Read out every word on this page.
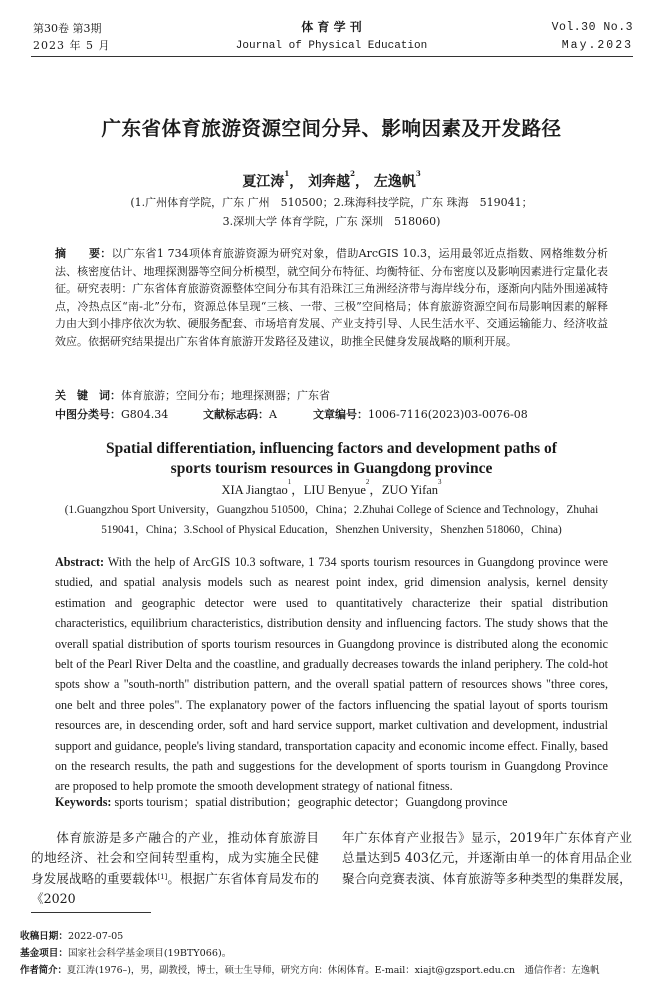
第30卷 第3期
2023 年 5 月
体 育 学 刊
Journal of Physical Education
Vol.30 No.3
May.2023
广东省体育旅游资源空间分异、影响因素及开发路径
夏江涛$^1$， 刘奔越$^2$， 左逸帆$^3$
(1.广州体育学院，广东 广州　510500；2.珠海科技学院，广东 珠海　519041；
3.深圳大学 体育学院，广东 深圳　518060)
摘　　要：以广东省1 734项体育旅游资源为研究对象，借助ArcGIS 10.3，运用最邻近点指数、网格维数分析法、核密度估计、地理探测器等空间分析模型，就空间分布特征、均衡特征、分布密度以及影响因素进行定量化表征。研究表明：广东省体育旅游资源整体空间分布其有沿珠江三角洲经济带与海岸线分布，逐渐向内陆外围递减特点，冷热点区“南-北”分布，资源总体呈现“三核、一带、三极”空间格局；体育旅游资源空间布局影响因素的解释力由大到小排序依次为软、硬服务配套、市场培育发展、产业支持引导、人民生活水平、交通运输能力、经济收益效应。依据研究结果提出广东省体育旅游开发路径及建议，助推全民健身发展战略的顺利开展。
关　键　词：体育旅游；空间分布；地理探测器；广东省
中图分类号：G804.34	文献标志码：A	文章编号：1006-7116(2023)03-0076-08
Spatial differentiation, influencing factors and development paths of
sports tourism resources in Guangdong province
XIA Jiangtao$^1$，LIU Benyue$^2$，ZUO Yifan$^3$
(1.Guangzhou Sport University，Guangzhou 510500，China；2.Zhuhai College of Science and Technology，Zhuhai
519041，China；3.School of Physical Education，Shenzhen University，Shenzhen 518060，China)
Abstract: With the help of ArcGIS 10.3 software, 1 734 sports tourism resources in Guangdong province were studied, and spatial analysis models such as nearest point index, grid dimension analysis, kernel density estimation and geographic detector were used to quantitatively characterize their spatial distribution characteristics, equilibrium characteristics, distribution density and influencing factors. The study shows that the overall spatial distribution of sports tourism resources in Guangdong province is distributed along the economic belt of the Pearl River Delta and the coastline, and gradually decreases towards the inland periphery. The cold-hot spots show a "south-north" distribution pattern, and the overall spatial pattern of resources shows "three cores, one belt and three poles". The explanatory power of the factors influencing the spatial layout of sports tourism resources are, in descending order, soft and hard service support, market cultivation and development, industrial support and guidance, people's living standard, transportation capacity and economic income effect. Finally, based on the research results, the path and suggestions for the development of sports tourism in Guangdong Province are proposed to help promote the smooth development strategy of national fitness.
Keywords: sports tourism；spatial distribution；geographic detector；Guangdong province
体育旅游是多产融合的产业，推动体育旅游目的地经济、社会和空间转型重构，成为实施全民健身发展战略的重要载体[1]。根据广东省体育局发布的《2020
年广东体育产业报告》显示，2019年广东体育产业总量达到5 403亿元，并逐渐由单一的体育用品企业聚合向竞赛表演、体育旅游等多种类型的集群发展，
收稿日期：2022-07-05
基金项目：国家社会科学基金项目(19BTY066)。
作者简介：夏江涛(1976–)，男，副教授，博士，硕士生导师，研究方向：休闲体育。E-mail：xiajt@gzsport.edu.cn　通信作者：左逸帆
